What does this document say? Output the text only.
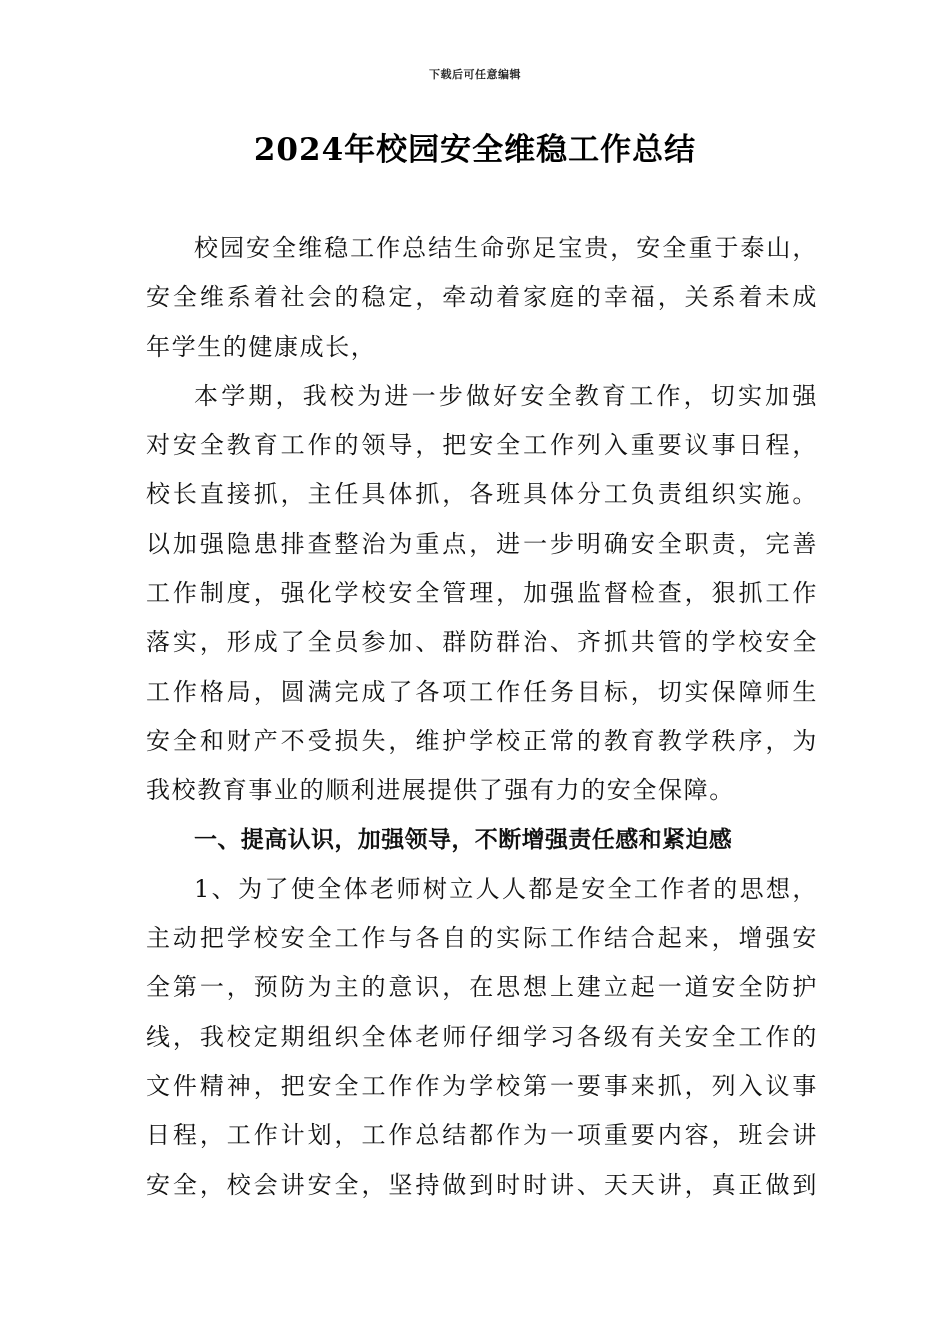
下载后可任意编辑
2024年校园安全维稳工作总结
校园安全维稳工作总结生命弥足宝贵，安全重于泰山，
安全维系着社会的稳定，牵动着家庭的幸福，关系着未成
年学生的健康成长，
本学期，我校为进一步做好安全教育工作，切实加强
对安全教育工作的领导，把安全工作列入重要议事日程，
校长直接抓，主任具体抓，各班具体分工负责组织实施。
以加强隐患排查整治为重点，进一步明确安全职责，完善
工作制度，强化学校安全管理，加强监督检查，狠抓工作
落实，形成了全员参加、群防群治、齐抓共管的学校安全
工作格局，圆满完成了各项工作任务目标，切实保障师生
安全和财产不受损失，维护学校正常的教育教学秩序，为
我校教育事业的顺利进展提供了强有力的安全保障。
一、提高认识，加强领导，不断增强责任感和紧迫感
1、为了使全体老师树立人人都是安全工作者的思想，
主动把学校安全工作与各自的实际工作结合起来，增强安
全第一，预防为主的意识，在思想上建立起一道安全防护
线，我校定期组织全体老师仔细学习各级有关安全工作的
文件精神，把安全工作作为学校第一要事来抓，列入议事
日程，工作计划，工作总结都作为一项重要内容，班会讲
安全，校会讲安全，坚持做到时时讲、天天讲，真正做到
